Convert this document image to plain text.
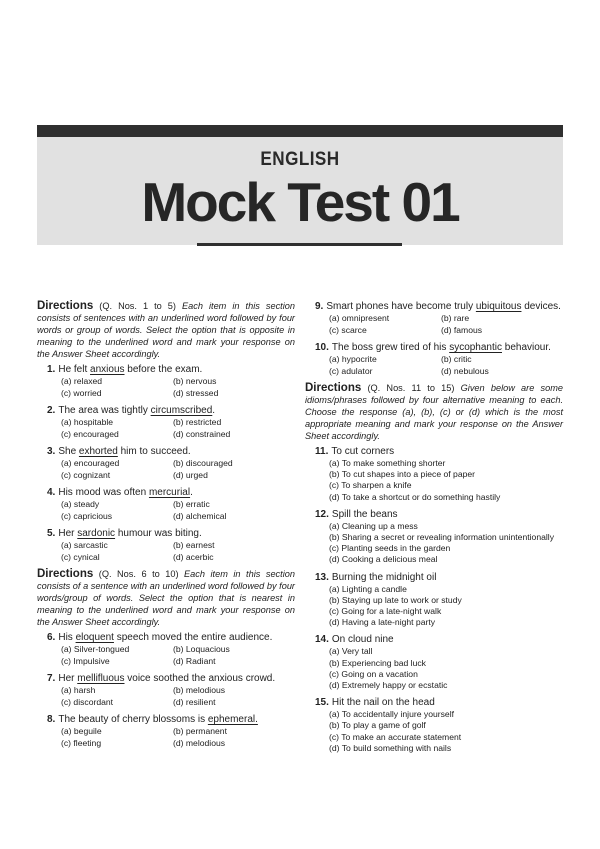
ENGLISH
Mock Test 01
Directions (Q. Nos. 1 to 5) Each item in this section consists of sentences with an underlined word followed by four words or group of words. Select the option that is opposite in meaning to the underlined word and mark your response on the Answer Sheet accordingly.
1. He felt anxious before the exam.
(a) relaxed	(b) nervous
(c) worried	(d) stressed
2. The area was tightly circumscribed.
(a) hospitable	(b) restricted
(c) encouraged	(d) constrained
3. She exhorted him to succeed.
(a) encouraged	(b) discouraged
(c) cognizant	(d) urged
4. His mood was often mercurial.
(a) steady	(b) erratic
(c) capricious	(d) alchemical
5. Her sardonic humour was biting.
(a) sarcastic	(b) earnest
(c) cynical	(d) acerbic
Directions (Q. Nos. 6 to 10) Each item in this section consists of a sentence with an underlined word followed by four words/group of words. Select the option that is nearest in meaning to the underlined word and mark your response on the Answer Sheet accordingly.
6. His eloquent speech moved the entire audience.
(a) Silver-tongued	(b) Loquacious
(c) Impulsive	(d) Radiant
7. Her mellifluous voice soothed the anxious crowd.
(a) harsh	(b) melodious
(c) discordant	(d) resilient
8. The beauty of cherry blossoms is ephemeral.
(a) beguile	(b) permanent
(c) fleeting	(d) melodious
9. Smart phones have become truly ubiquitous devices.
(a) omnipresent	(b) rare
(c) scarce	(d) famous
10. The boss grew tired of his sycophantic behaviour.
(a) hypocrite	(b) critic
(c) adulator	(d) nebulous
Directions (Q. Nos. 11 to 15) Given below are some idioms/phrases followed by four alternative meaning to each. Choose the response (a), (b), (c) or (d) which is the most appropriate meaning and mark your response on the Answer Sheet accordingly.
11. To cut corners
(a) To make something shorter
(b) To cut shapes into a piece of paper
(c) To sharpen a knife
(d) To take a shortcut or do something hastily
12. Spill the beans
(a) Cleaning up a mess
(b) Sharing a secret or revealing information unintentionally
(c) Planting seeds in the garden
(d) Cooking a delicious meal
13. Burning the midnight oil
(a) Lighting a candle
(b) Staying up late to work or study
(c) Going for a late-night walk
(d) Having a late-night party
14. On cloud nine
(a) Very tall
(b) Experiencing bad luck
(c) Going on a vacation
(d) Extremely happy or ecstatic
15. Hit the nail on the head
(a) To accidentally injure yourself
(b) To play a game of golf
(c) To make an accurate statement
(d) To build something with nails
